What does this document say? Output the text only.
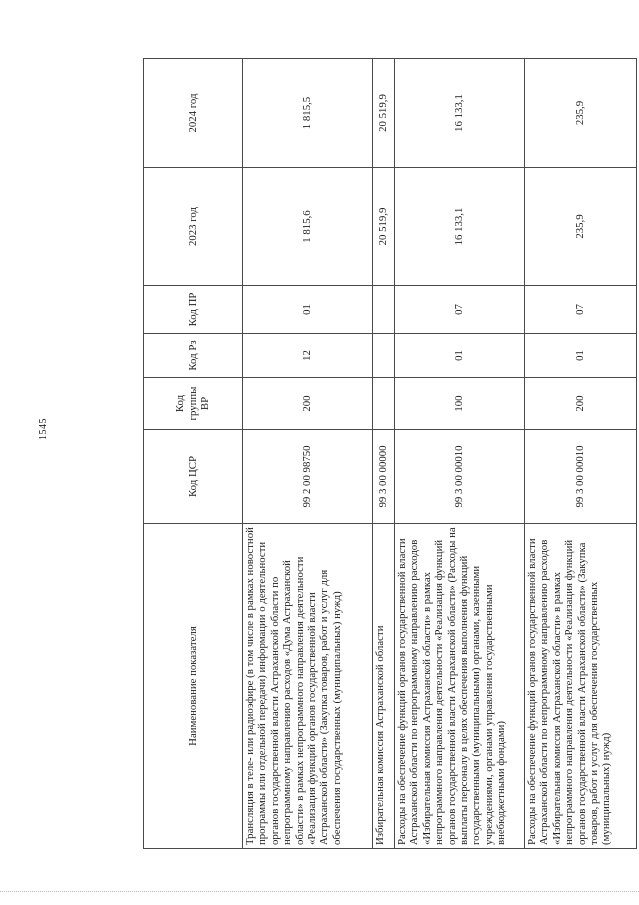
1545
Наименование показателя	Код ЦСР	Код группы ВР	Код Рз	Код ПР	2023 год	2024 год
Трансляция в теле- или радиоэфире (в том числе в рамках новостной программы или отдельной передачи) информации о деятельности органов государственной власти Астраханской области по непрограммному направлению расходов «Дума Астраханской области» в рамках непрограммного направления деятельности «Реализация функций органов государственной власти Астраханской области» (Закупка товаров, работ и услуг для обеспечения государственных (муниципальных) нужд)	99 2 00 98750	200	12	01	1 815,6	1 815,5
Избирательная комиссия Астраханской области	99 3 00 00000				20 519,9	20 519,9
Расходы на обеспечение функций органов государственной власти Астраханской области по непрограммному направлению расходов «Избирательная комиссия Астраханской области» в рамках непрограммного направления деятельности «Реализация функций органов государственной власти Астраханской области» (Расходы на выплаты персоналу в целях обеспечения выполнения функций государственными (муниципальными) органами, казенными учреждениями, органами управления государственными внебюджетными фондами)	99 3 00 00010	100	01	07	16 133,1	16 133,1
Расходы на обеспечение функций органов государственной власти Астраханской области по непрограммному направлению расходов «Избирательная комиссия Астраханской области» в рамках непрограммного направления деятельности «Реализация функций органов государственной власти Астраханской области» (Закупка товаров, работ и услуг для обеспечения государственных (муниципальных) нужд)	99 3 00 00010	200	01	07	235,9	235,9
